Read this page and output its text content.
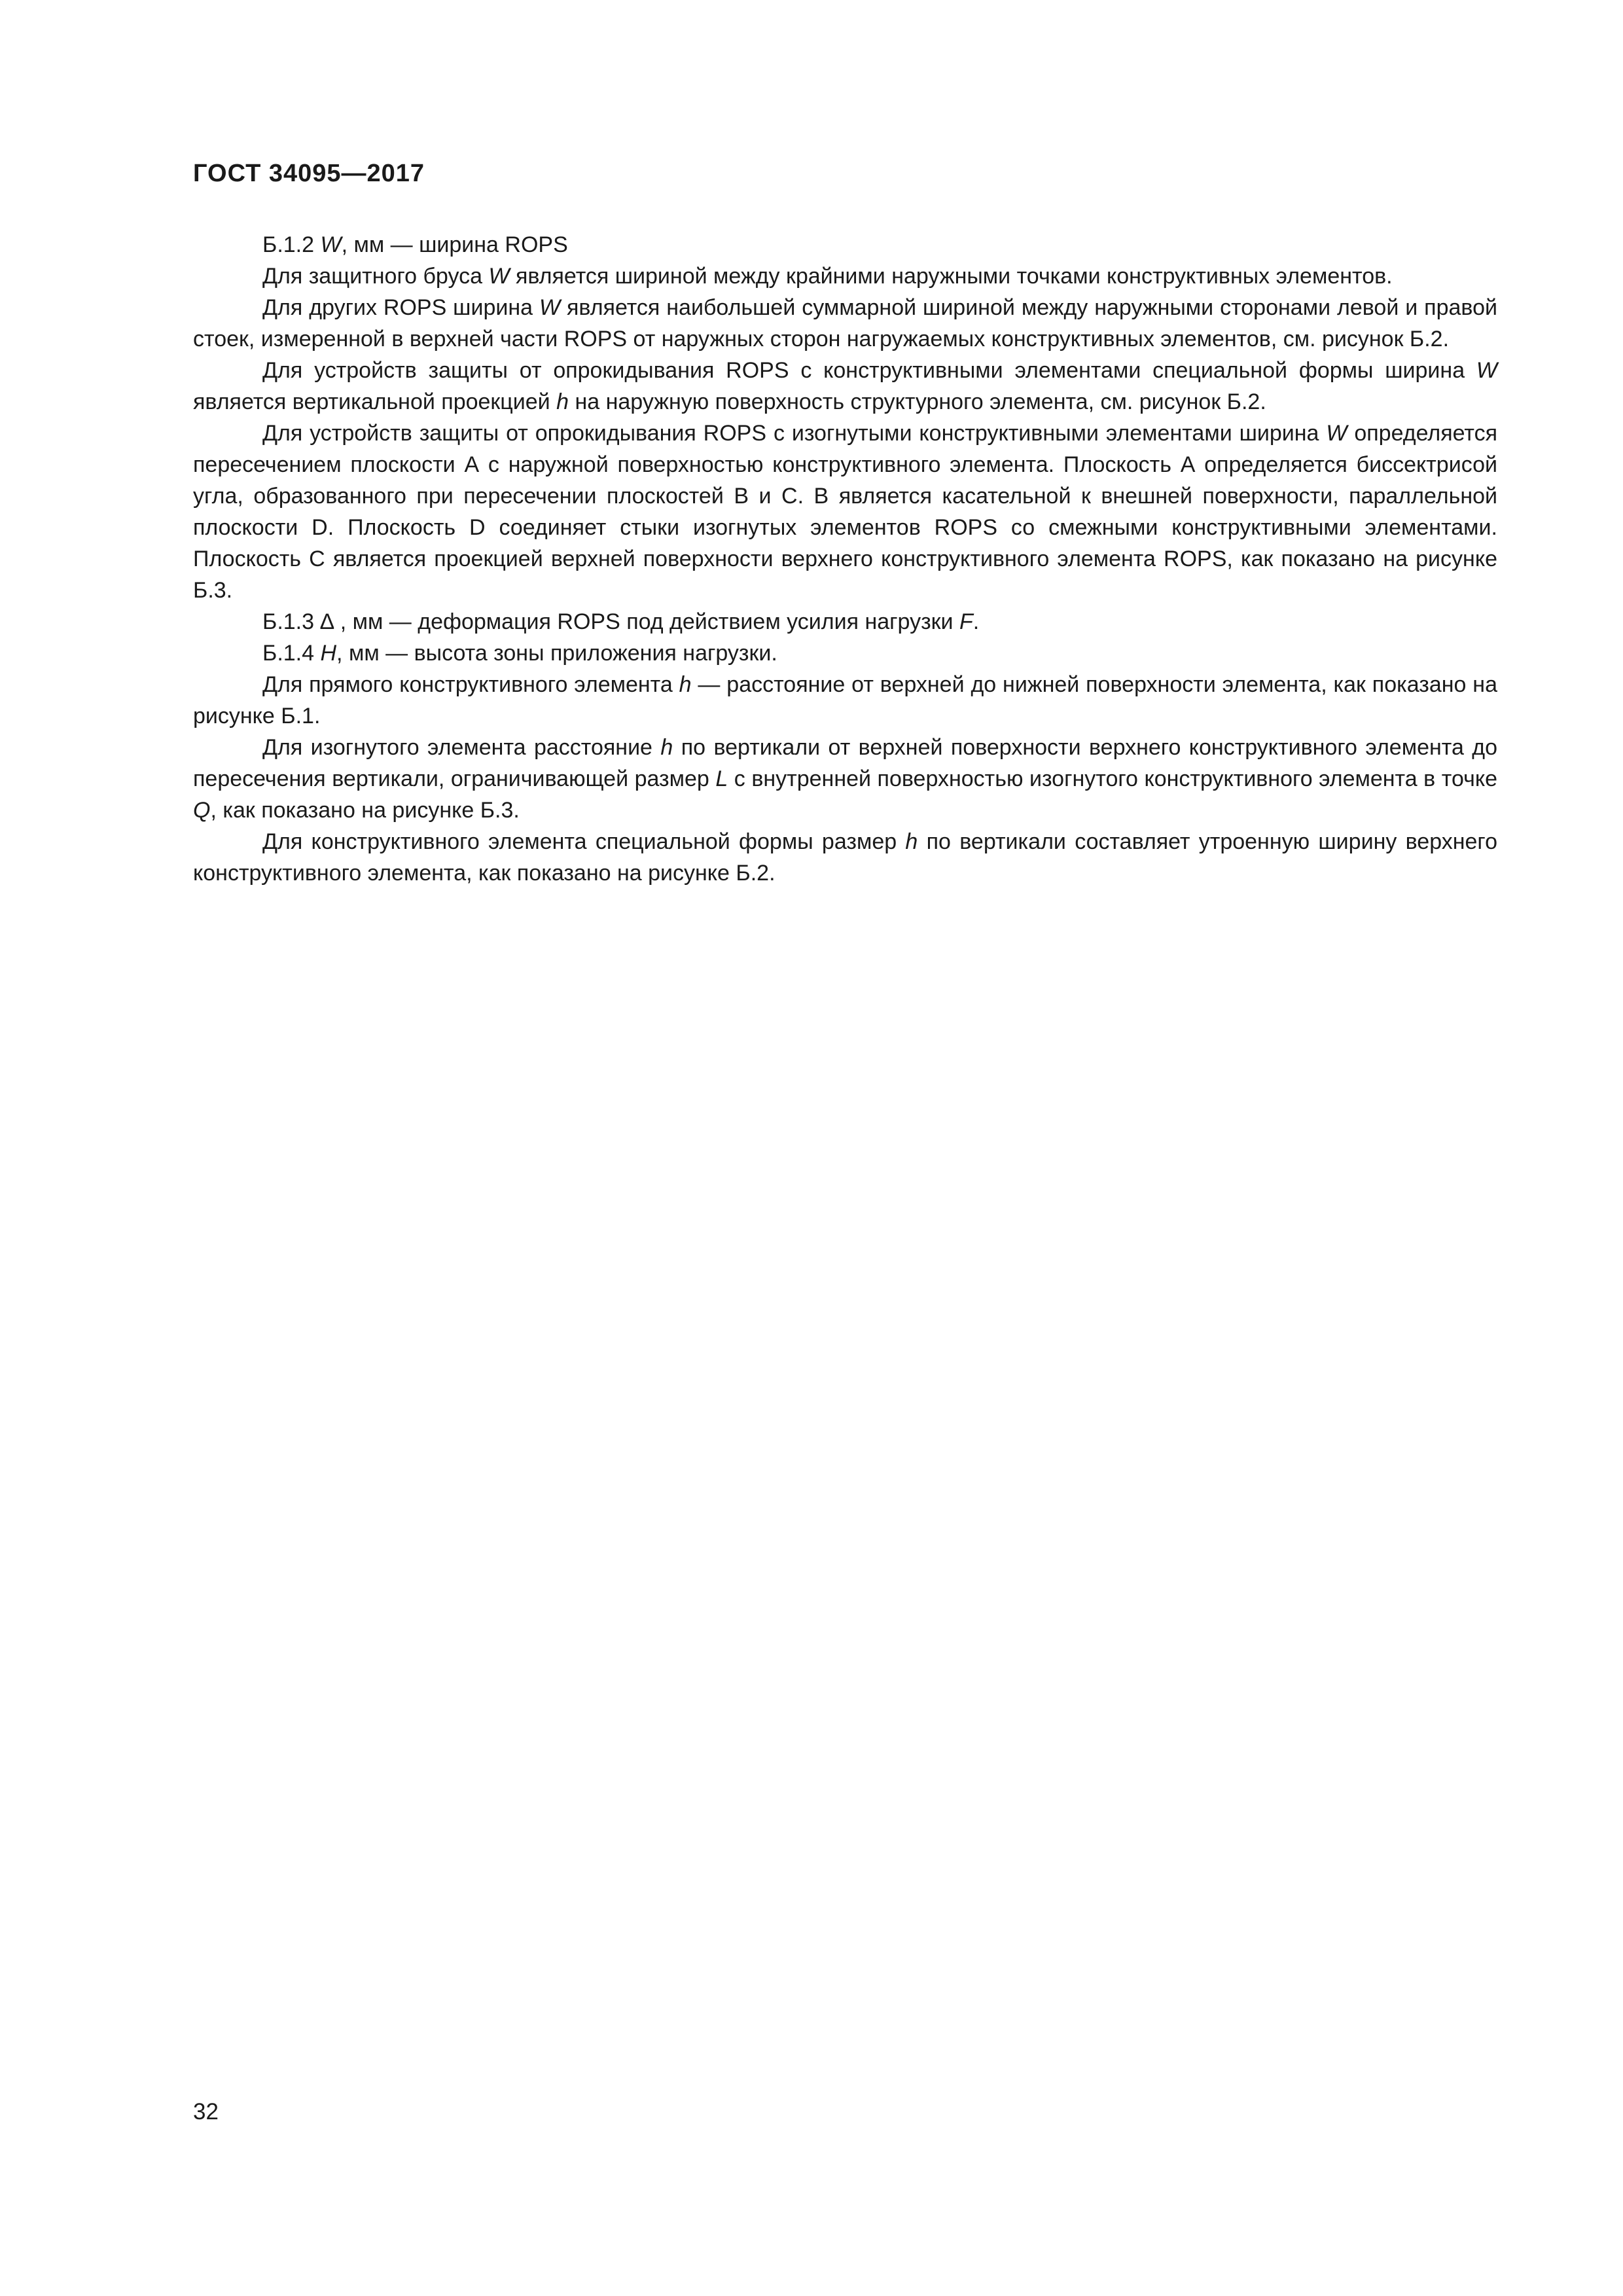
ГОСТ 34095—2017

Б.1.2 W, мм — ширина ROPS

Для защитного бруса W является шириной между крайними наружными точками конструктивных элементов.

Для других ROPS ширина W является наибольшей суммарной шириной между наружными сторонами левой и правой стоек, измеренной в верхней части ROPS от наружных сторон нагружаемых конструктивных элементов, см. рисунок Б.2.

Для устройств защиты от опрокидывания ROPS с конструктивными элементами специальной формы ширина W является вертикальной проекцией h на наружную поверхность структурного элемента, см. рисунок Б.2.

Для устройств защиты от опрокидывания ROPS с изогнутыми конструктивными элементами ширина W определяется пересечением плоскости А с наружной поверхностью конструктивного элемента. Плоскость А определяется биссектрисой угла, образованного при пересечении плоскостей В и С. В является касательной к внешней поверхности, параллельной плоскости D. Плоскость D соединяет стыки изогнутых элементов ROPS со смежными конструктивными элементами. Плоскость С является проекцией верхней поверхности верхнего конструктивного элемента ROPS, как показано на рисунке Б.3.

Б.1.3 ∆ , мм — деформация ROPS под действием усилия нагрузки F.

Б.1.4 H, мм — высота зоны приложения нагрузки.

Для прямого конструктивного элемента h — расстояние от верхней до нижней поверхности элемента, как показано на рисунке Б.1.

Для изогнутого элемента расстояние h по вертикали от верхней поверхности верхнего конструктивного элемента до пересечения вертикали, ограничивающей размер L с внутренней поверхностью изогнутого конструктивного элемента в точке Q, как показано на рисунке Б.3.

Для конструктивного элемента специальной формы размер h по вертикали составляет утроенную ширину верхнего конструктивного элемента, как показано на рисунке Б.2.

32
